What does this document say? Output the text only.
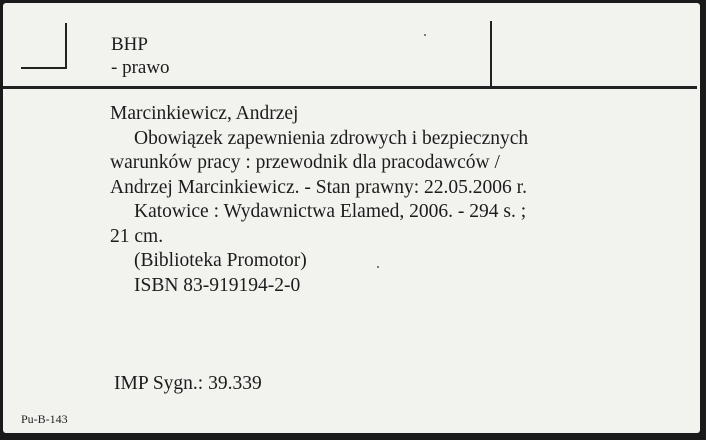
BHP
- prawo
Marcinkiewicz, Andrzej
Obowiązek zapewnienia zdrowych i bezpiecznych
warunków pracy : przewodnik dla pracodawców /
Andrzej Marcinkiewicz. - Stan prawny: 22.05.2006 r.
Katowice : Wydawnictwa Elamed, 2006. - 294 s. ;
21 cm.
(Biblioteka Promotor)
ISBN 83-919194-2-0
IMP Sygn.: 39.339
Pu-B-143
